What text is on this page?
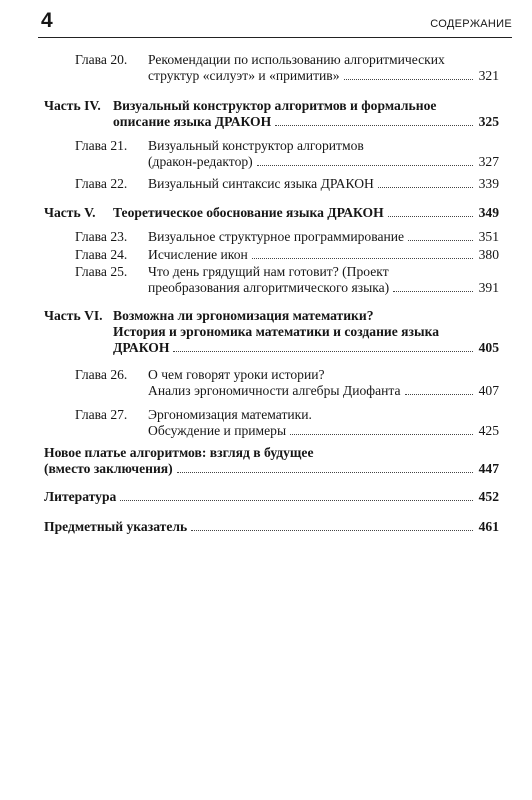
4	СОДЕРЖАНИЕ
Глава 20. Рекомендации по использованию алгоритмических
структур «силуэт» и «примитив»	321
Часть IV. Визуальный конструктор алгоритмов и формальное
описание языка ДРАКОН	325
Глава 21. Визуальный конструктор алгоритмов
(дракон-редактор)	327
Глава 22. Визуальный синтаксис языка ДРАКОН	339
Часть V. Теоретическое обоснование языка ДРАКОН	349
Глава 23. Визуальное структурное программирование	351
Глава 24. Исчисление икон	380
Глава 25. Что день грядущий нам готовит? (Проект
преобразования алгоритмического языка)	391
Часть VI. Возможна ли эргономизация математики?
История и эргономика математики и создание языка
ДРАКОН	405
Глава 26. О чем говорят уроки истории?
Анализ эргономичности алгебры Диофанта	407
Глава 27. Эргономизация математики.
Обсуждение и примеры	425
Новое платье алгоритмов: взгляд в будущее
(вместо заключения)	447
Литература	452
Предметный указатель	461
